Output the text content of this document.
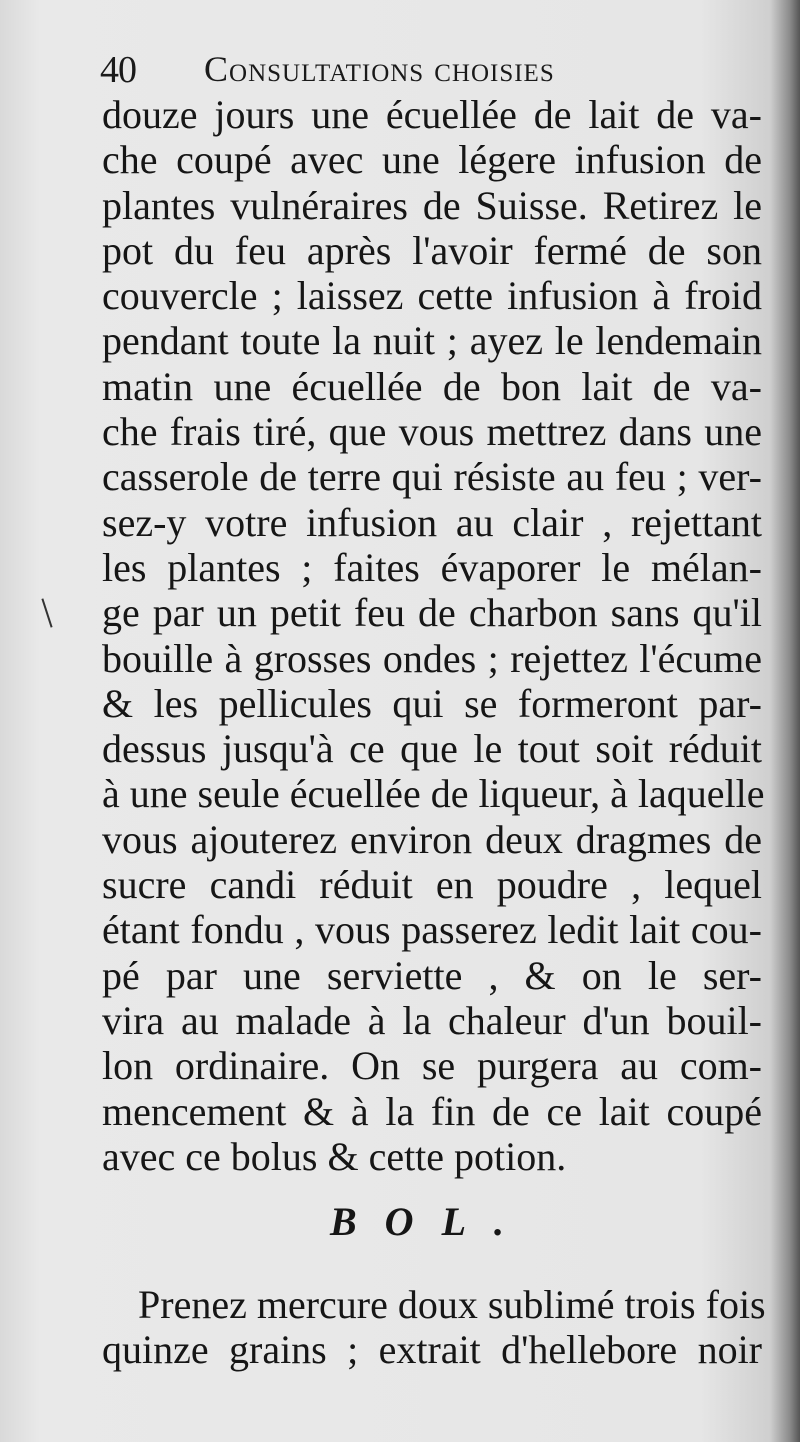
40 Consultations choisies
douze jours une écuellée de lait de va-
che coupé avec une légere infusion de
plantes vulnéraires de Suisse. Retirez le
pot du feu après l'avoir fermé de son
couvercle ; laissez cette infusion à froid
pendant toute la nuit ; ayez le lendemain
matin une écuellée de bon lait de va-
che frais tiré, que vous mettrez dans une
casserole de terre qui résiste au feu ; ver-
sez-y votre infusion au clair , rejettant
les plantes ; faites évaporer le mélan-
ge par un petit feu de charbon sans qu'il
bouille à grosses ondes ; rejettez l'écume
& les pellicules qui se formeront par-
dessus jusqu'à ce que le tout soit réduit
à une seule écuellée de liqueur, à laquelle
vous ajouterez environ deux dragmes de
sucre candi réduit en poudre , lequel
étant fondu , vous passerez ledit lait cou-
pé par une serviette , & on le ser-
vira au malade à la chaleur d'un bouil-
lon ordinaire. On se purgera au com-
mencement & à la fin de ce lait coupé
avec ce bolus & cette potion.
BOL.
Prenez mercure doux sublimé trois fois
quinze grains ; extrait d'hellebore noir
